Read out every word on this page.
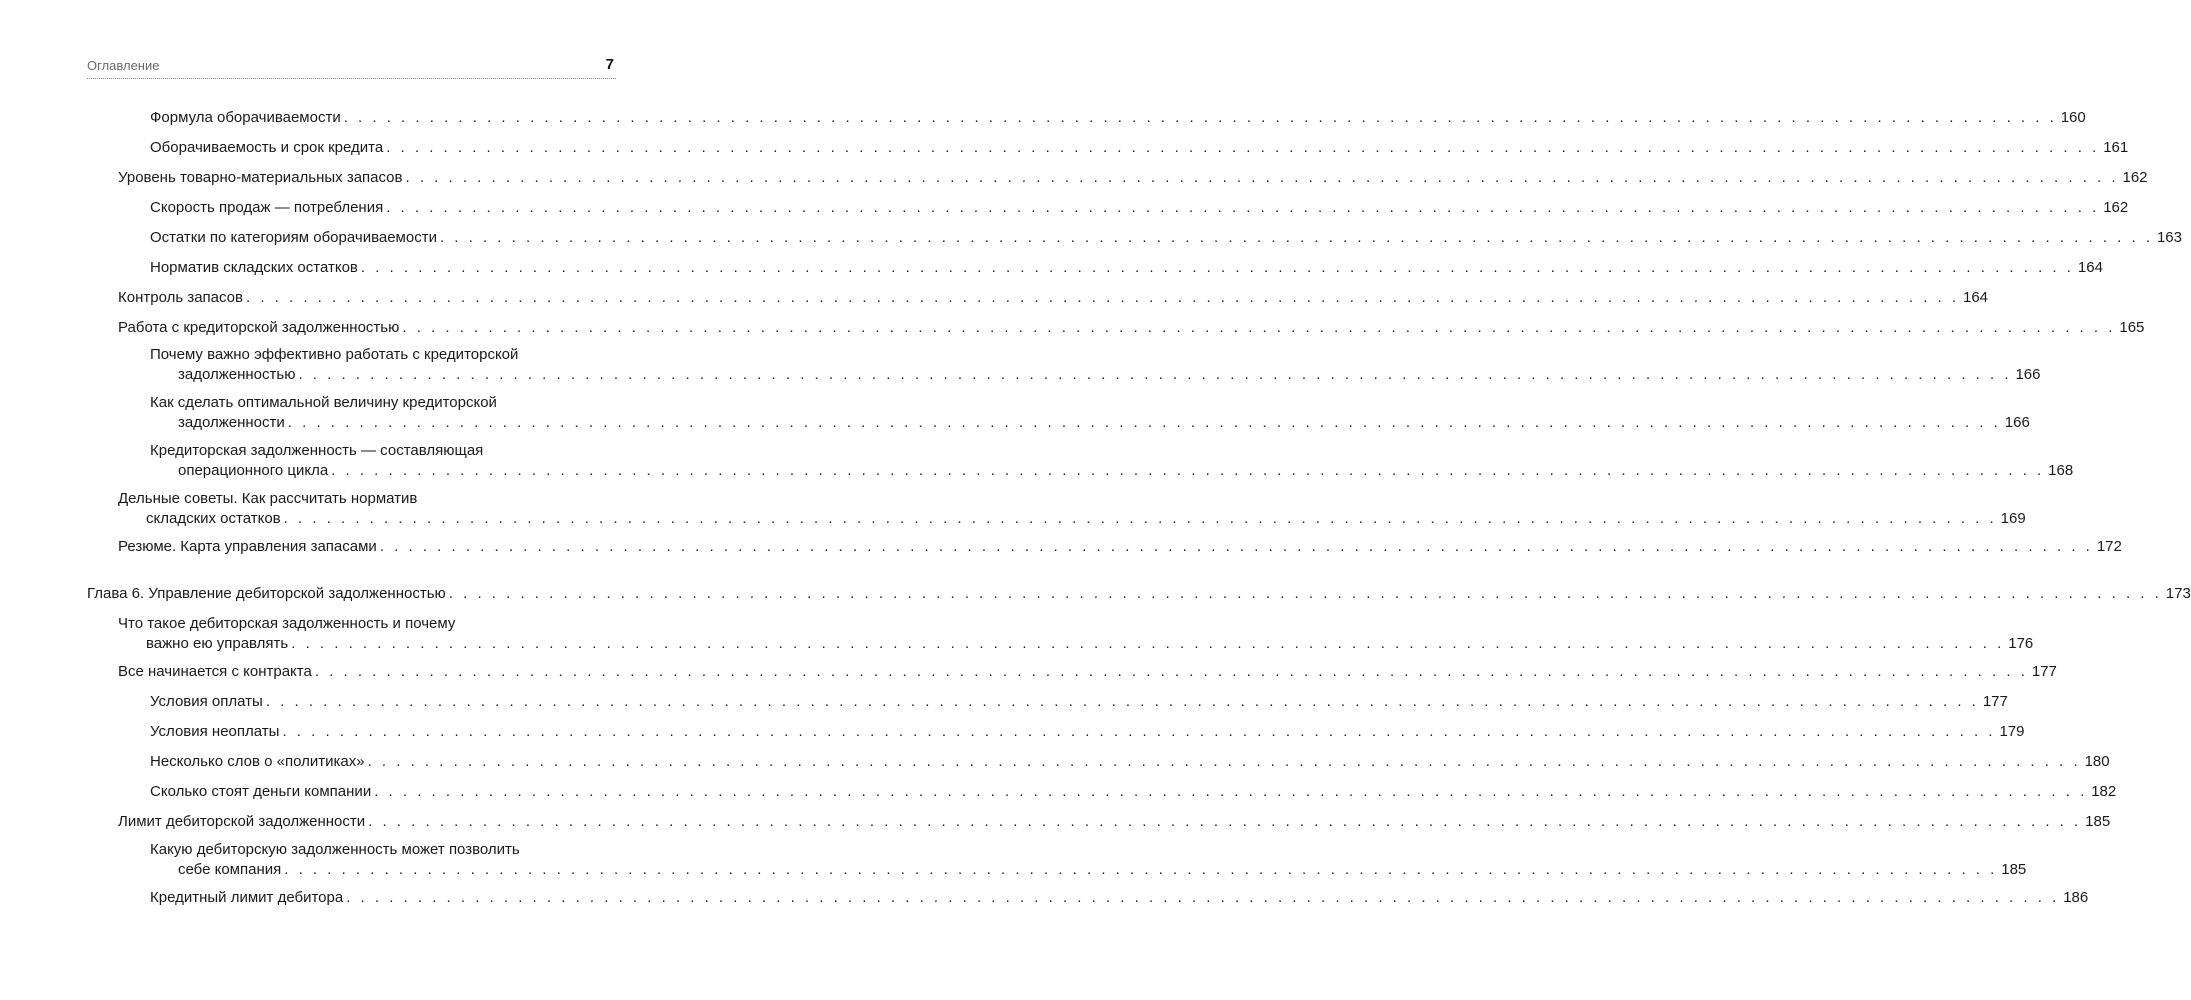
Оглавление	7
Формула оборачиваемости . . . . . . . . . . . . . . . . . . . . . . . . . . . . . . . . . . . . . . . . . . . . . . . . . . . . . . . . . . . . . . . . . . . . . . . . . . . . . . . . . . . . . . . . . . . . . . . . . . . . . . . . . . . . . . . . . . . . . . . . 160
Оборачиваемость и срок кредита . . . . . . . . . . . . . . . . . . . . . . . . . . . . . . . . . . . . . . . . . . . . . . . . . . . . . . . . . . . . . . . . . . . . . . . . . . . . . . . . . . . . . . . . . . . . . . . . . . . . . . . . . . . . . . . . . . . . . . . . 161
Уровень товарно-материальных запасов . . . . . . . . . . . . . . . . . . . . . . . . . . . . . . . . . . . . . . . . . . . . . . . . . . . . . . . . . . . . . . . . . . . . . . . . . . . . . . . . . . . . . . . . . . . . . . . . . . . . . . . . . . . . . . . . . . . . . . . . 162
Скорость продаж — потребления . . . . . . . . . . . . . . . . . . . . . . . . . . . . . . . . . . . . . . . . . . . . . . . . . . . . . . . . . . . . . . . . . . . . . . . . . . . . . . . . . . . . . . . . . . . . . . . . . . . . . . . . . . . . . . . . . . . . . . . . 162
Остатки по категориям оборачиваемости . . . . . . . . . . . . . . . . . . . . . . . . . . . . . . . . . . . . . . . . . . . . . . . . . . . . . . . . . . . . . . . . . . . . . . . . . . . . . . . . . . . . . . . . . . . . . . . . . . . . . . . . . . . . . . . . . . . . . . . . 163
Норматив складских остатков . . . . . . . . . . . . . . . . . . . . . . . . . . . . . . . . . . . . . . . . . . . . . . . . . . . . . . . . . . . . . . . . . . . . . . . . . . . . . . . . . . . . . . . . . . . . . . . . . . . . . . . . . . . . . . . . . . . . . . . . 164
Контроль запасов . . . . . . . . . . . . . . . . . . . . . . . . . . . . . . . . . . . . . . . . . . . . . . . . . . . . . . . . . . . . . . . . . . . . . . . . . . . . . . . . . . . . . . . . . . . . . . . . . . . . . . . . . . . . . . . . . . . . . . . . 164
Работа с кредиторской задолженностью . . . . . . . . . . . . . . . . . . . . . . . . . . . . . . . . . . . . . . . . . . . . . . . . . . . . . . . . . . . . . . . . . . . . . . . . . . . . . . . . . . . . . . . . . . . . . . . . . . . . . . . . . . . . . . . . . . . . . . . . 165
Почему важно эффективно работать с кредиторской
задолженностью . . . . . . . . . . . . . . . . . . . . . . . . . . . . . . . . . . . . . . . . . . . . . . . . . . . . . . . . . . . . . . . . . . . . . . . . . . . . . . . . . . . . . . . . . . . . . . . . . . . . . . . . . . . . . . . . . . . . . . . . 166
Как сделать оптимальной величину кредиторской
задолженности . . . . . . . . . . . . . . . . . . . . . . . . . . . . . . . . . . . . . . . . . . . . . . . . . . . . . . . . . . . . . . . . . . . . . . . . . . . . . . . . . . . . . . . . . . . . . . . . . . . . . . . . . . . . . . . . . . . . . . . . 166
Кредиторская задолженность — составляющая
операционного цикла . . . . . . . . . . . . . . . . . . . . . . . . . . . . . . . . . . . . . . . . . . . . . . . . . . . . . . . . . . . . . . . . . . . . . . . . . . . . . . . . . . . . . . . . . . . . . . . . . . . . . . . . . . . . . . . . . . . . . . . . 168
Дельные советы. Как рассчитать норматив
складских остатков . . . . . . . . . . . . . . . . . . . . . . . . . . . . . . . . . . . . . . . . . . . . . . . . . . . . . . . . . . . . . . . . . . . . . . . . . . . . . . . . . . . . . . . . . . . . . . . . . . . . . . . . . . . . . . . . . . . . . . . . 169
Резюме. Карта управления запасами . . . . . . . . . . . . . . . . . . . . . . . . . . . . . . . . . . . . . . . . . . . . . . . . . . . . . . . . . . . . . . . . . . . . . . . . . . . . . . . . . . . . . . . . . . . . . . . . . . . . . . . . . . . . . . . . . . . . . . . . 172
Глава 6. Управление дебиторской задолженностью . . . . . . . . . . . . . . . . . . . . . . . . . . . . . . . . . . . . . . . . . . . . . . . . . . . . . . . . . . . . . . . . . . . . . . . . . . . . . . . . . . . . . . . . . . . . . . . . . . . . . . . . . . . . . . . . . . . . . . . . 173
Что такое дебиторская задолженность и почему
важно ею управлять . . . . . . . . . . . . . . . . . . . . . . . . . . . . . . . . . . . . . . . . . . . . . . . . . . . . . . . . . . . . . . . . . . . . . . . . . . . . . . . . . . . . . . . . . . . . . . . . . . . . . . . . . . . . . . . . . . . . . . . . 176
Все начинается с контракта . . . . . . . . . . . . . . . . . . . . . . . . . . . . . . . . . . . . . . . . . . . . . . . . . . . . . . . . . . . . . . . . . . . . . . . . . . . . . . . . . . . . . . . . . . . . . . . . . . . . . . . . . . . . . . . . . . . . . . . . 177
Условия оплаты . . . . . . . . . . . . . . . . . . . . . . . . . . . . . . . . . . . . . . . . . . . . . . . . . . . . . . . . . . . . . . . . . . . . . . . . . . . . . . . . . . . . . . . . . . . . . . . . . . . . . . . . . . . . . . . . . . . . . . . . 177
Условия неоплаты . . . . . . . . . . . . . . . . . . . . . . . . . . . . . . . . . . . . . . . . . . . . . . . . . . . . . . . . . . . . . . . . . . . . . . . . . . . . . . . . . . . . . . . . . . . . . . . . . . . . . . . . . . . . . . . . . . . . . . . . 179
Несколько слов о «политиках» . . . . . . . . . . . . . . . . . . . . . . . . . . . . . . . . . . . . . . . . . . . . . . . . . . . . . . . . . . . . . . . . . . . . . . . . . . . . . . . . . . . . . . . . . . . . . . . . . . . . . . . . . . . . . . . . . . . . . . . . 180
Сколько стоят деньги компании . . . . . . . . . . . . . . . . . . . . . . . . . . . . . . . . . . . . . . . . . . . . . . . . . . . . . . . . . . . . . . . . . . . . . . . . . . . . . . . . . . . . . . . . . . . . . . . . . . . . . . . . . . . . . . . . . . . . . . . . 182
Лимит дебиторской задолженности . . . . . . . . . . . . . . . . . . . . . . . . . . . . . . . . . . . . . . . . . . . . . . . . . . . . . . . . . . . . . . . . . . . . . . . . . . . . . . . . . . . . . . . . . . . . . . . . . . . . . . . . . . . . . . . . . . . . . . . . 185
Какую дебиторскую задолженность может позволить
себе компания . . . . . . . . . . . . . . . . . . . . . . . . . . . . . . . . . . . . . . . . . . . . . . . . . . . . . . . . . . . . . . . . . . . . . . . . . . . . . . . . . . . . . . . . . . . . . . . . . . . . . . . . . . . . . . . . . . . . . . . . 185
Кредитный лимит дебитора . . . . . . . . . . . . . . . . . . . . . . . . . . . . . . . . . . . . . . . . . . . . . . . . . . . . . . . . . . . . . . . . . . . . . . . . . . . . . . . . . . . . . . . . . . . . . . . . . . . . . . . . . . . . . . . . . . . . . . . . 186
